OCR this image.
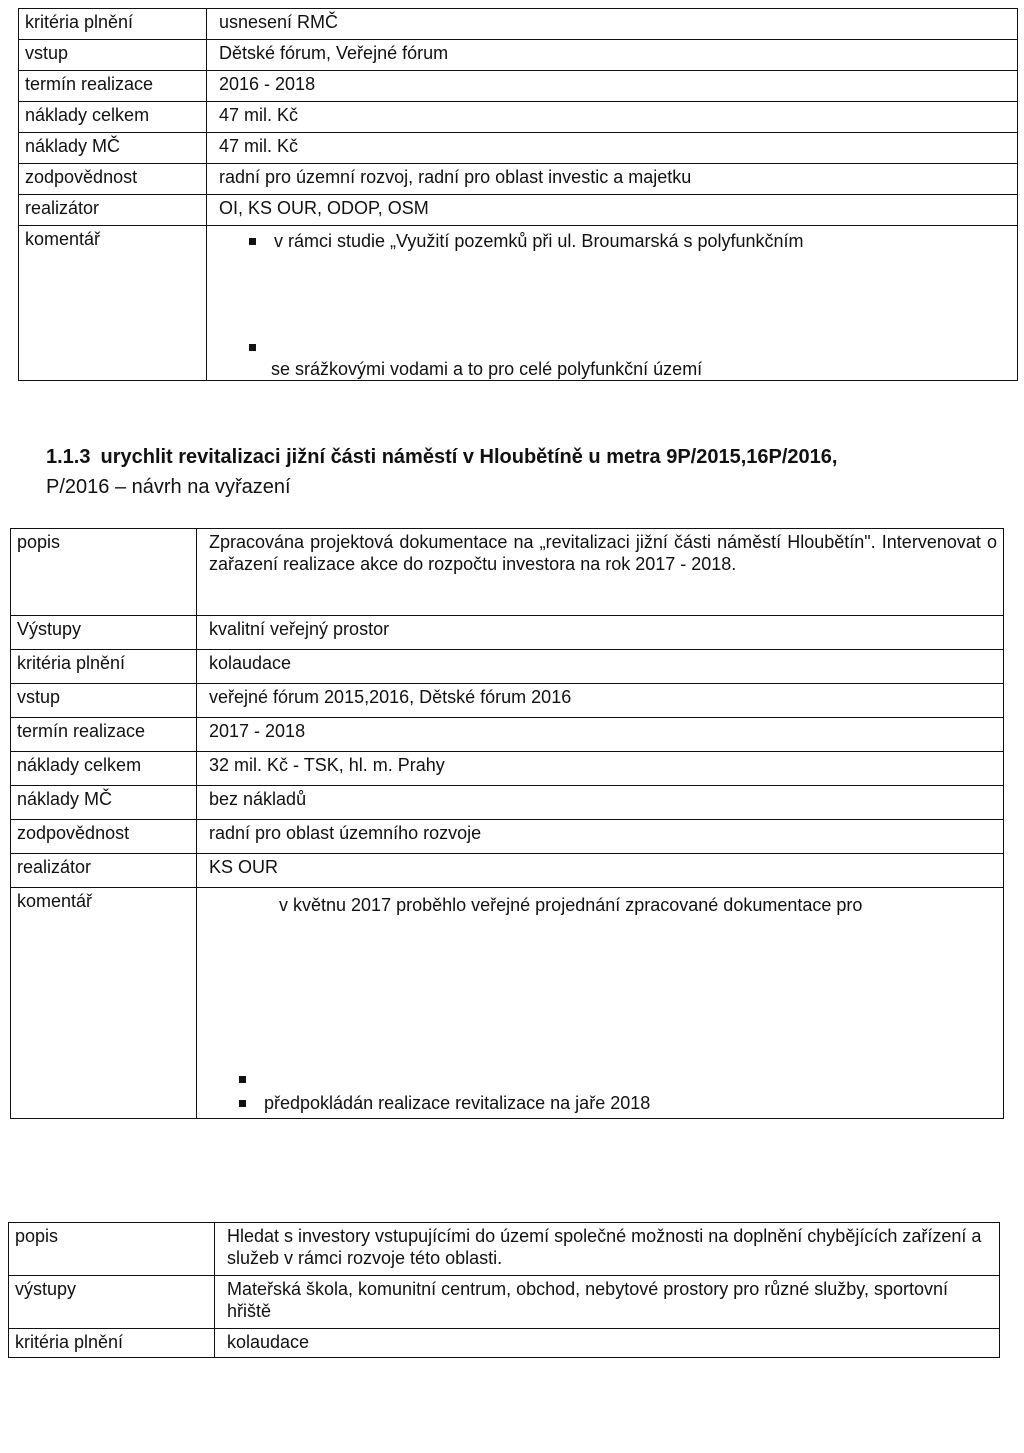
kritéria plnění	usnesení RMČ
vstup	Dětské fórum, Veřejné fórum
termín realizace	2016 - 2018
náklady celkem	47 mil. Kč
náklady MČ	47 mil. Kč
zodpovědnost	radní pro územní rozvoj, radní pro oblast investic a majetku
realizátor	OI, KS OUR, ODOP, OSM
komentář	v rámci studie „Využití pozemků při ul. Broumarská s polyfunkčním
se srážkovými vodami a to pro celé polyfunkční území
1.1.3 urychlit revitalizaci jižní části náměstí v Hloubětíně u metra 9P/2015,16P/2016,
P/2016 – návrh na vyřazení
popis	Zpracována projektová dokumentace na „revitalizaci jižní části náměstí Hloubětín". Intervenovat o zařazení realizace akce do rozpočtu investora na rok 2017 - 2018.
Výstupy	kvalitní veřejný prostor
kritéria plnění	kolaudace
vstup	veřejné fórum 2015,2016, Dětské fórum 2016
termín realizace	2017 - 2018
náklady celkem	32 mil. Kč - TSK, hl. m. Prahy
náklady MČ	bez nákladů
zodpovědnost	radní pro oblast územního rozvoje
realizátor	KS OUR
komentář	v květnu 2017 proběhlo veřejné projednání zpracované dokumentace pro
předpokládán realizace revitalizace na jaře 2018
popis	Hledat s investory vstupujícími do území společné možnosti na doplnění chybějících zařízení a služeb v rámci rozvoje této oblasti.
výstupy	Mateřská škola, komunitní centrum, obchod, nebytové prostory pro různé služby, sportovní hřiště
kritéria plnění	kolaudace
